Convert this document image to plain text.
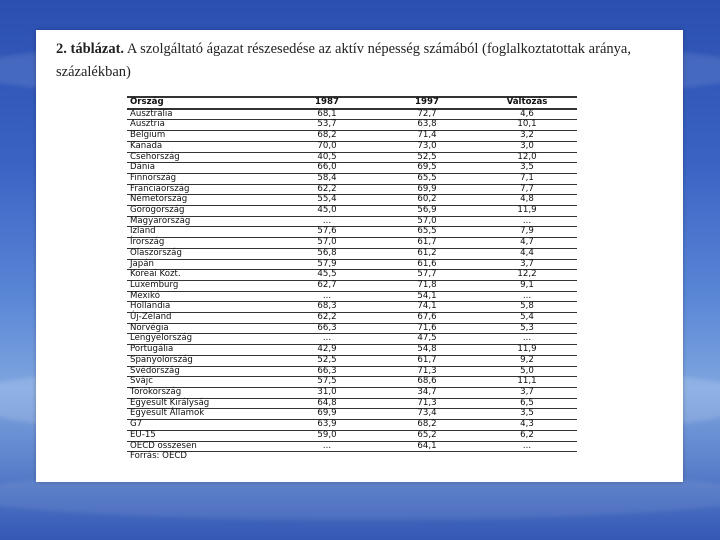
2. táblázat. A szolgáltató ágazat részesedése az aktív népesség számából (foglalkoztatottak aránya, százalékban)
Ország	1987	1997	Változás
Ausztrália	68,1	72,7	4,6
Ausztria	53,7	63,8	10,1
Belgium	68,2	71,4	3,2
Kanada	70,0	73,0	3,0
Csehország	40,5	52,5	12,0
Dánia	66,0	69,5	3,5
Finnország	58,4	65,5	7,1
Franciaország	62,2	69,9	7,7
Németország	55,4	60,2	4,8
Görögország	45,0	56,9	11,9
Magyarország	...	57,0	...
Izland	57,6	65,5	7,9
Írország	57,0	61,7	4,7
Olaszország	56,8	61,2	4,4
Japán	57,9	61,6	3,7
Koreai Közt.	45,5	57,7	12,2
Luxemburg	62,7	71,8	9,1
Mexikó	...	54,1	...
Hollandia	68,3	74,1	5,8
Új-Zéland	62,2	67,6	5,4
Norvégia	66,3	71,6	5,3
Lengyelország	...	47,5	...
Portugália	42,9	54,8	11,9
Spanyolország	52,5	61,7	9,2
Svédország	66,3	71,3	5,0
Svájc	57,5	68,6	11,1
Törökország	31,0	34,7	3,7
Egyesült Királyság	64,8	71,3	6,5
Egyesült Államok	69,9	73,4	3,5
G7	63,9	68,2	4,3
EU-15	59,0	65,2	6,2
OECD összesen	...	64,1	...
Forrás: OECD			
